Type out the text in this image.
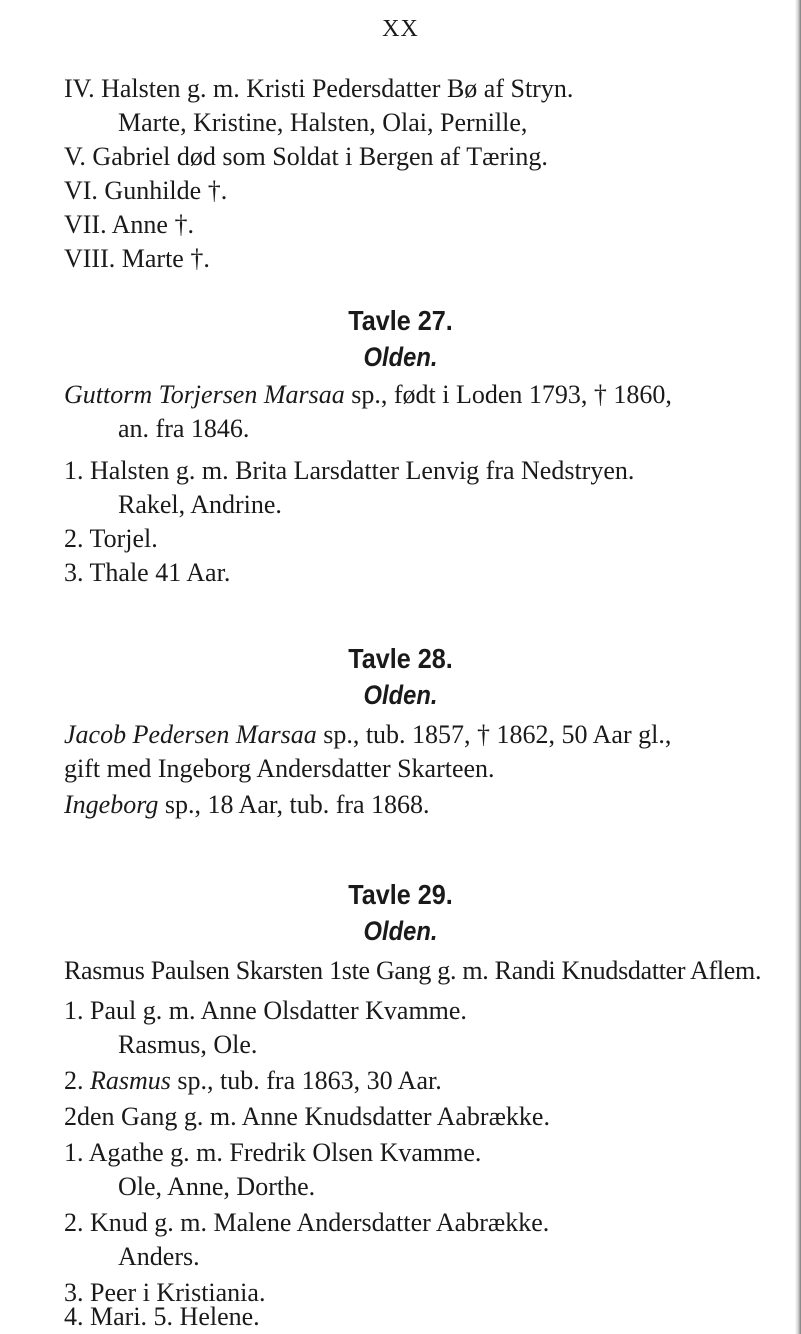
XX
IV. Halsten g. m. Kristi Pedersdatter Bø af Stryn.
Marte, Kristine, Halsten, Olai, Pernille,
V. Gabriel død som Soldat i Bergen af Tæring.
VI. Gunhilde †.
VII. Anne †.
VIII. Marte †.
Tavle 27.
Olden.
Guttorm Torjersen Marsaa sp., født i Loden 1793, † 1860,
an. fra 1846.
1. Halsten g. m. Brita Larsdatter Lenvig fra Nedstryen.
Rakel, Andrine.
2. Torjel.
3. Thale 41 Aar.
Tavle 28.
Olden.
Jacob Pedersen Marsaa sp., tub. 1857, † 1862, 50 Aar gl.,
gift med Ingeborg Andersdatter Skarteen.
Ingeborg sp., 18 Aar, tub. fra 1868.
Tavle 29.
Olden.
Rasmus Paulsen Skarsten 1ste Gang g. m. Randi Knudsdatter Aflem.
1. Paul g. m. Anne Olsdatter Kvamme.
Rasmus, Ole.
2. Rasmus sp., tub. fra 1863, 30 Aar.
2den Gang g. m. Anne Knudsdatter Aabrække.
1. Agathe g. m. Fredrik Olsen Kvamme.
Ole, Anne, Dorthe.
2. Knud g. m. Malene Andersdatter Aabrække.
Anders.
3. Peer i Kristiania.
4. Mari. 5. Helene.
